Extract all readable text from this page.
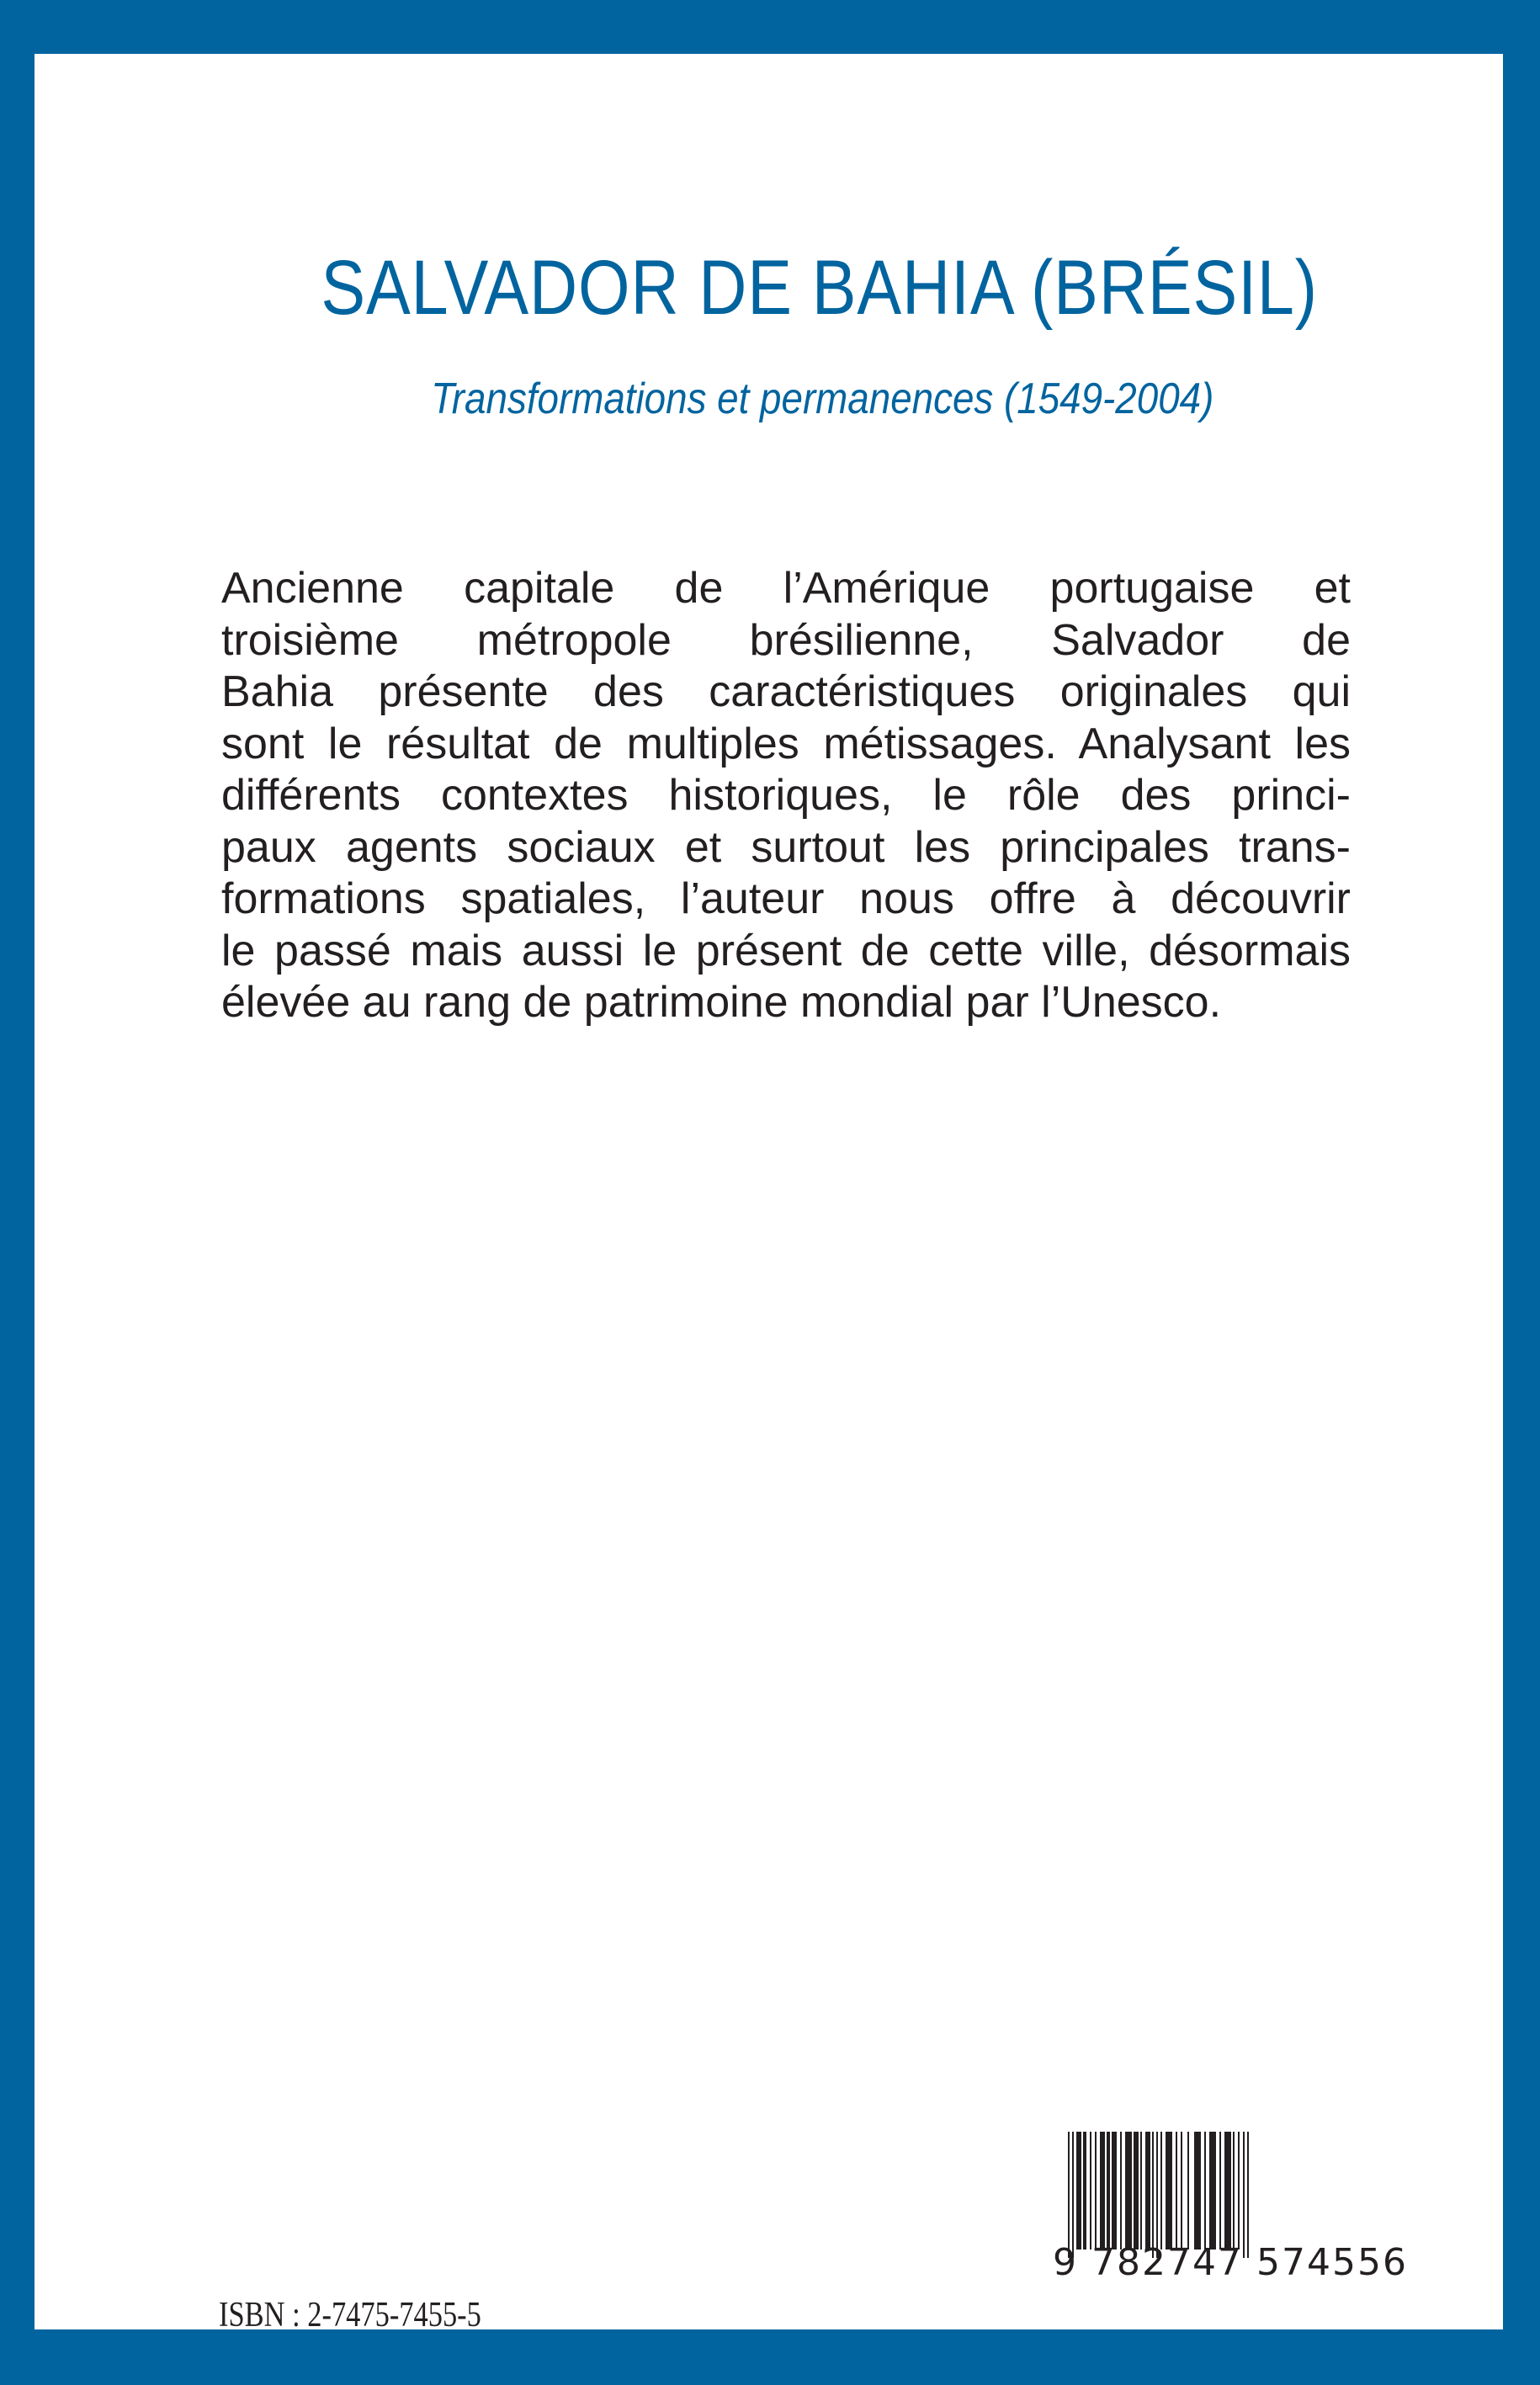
SALVADOR DE BAHIA (BRÉSIL)
Transformations et permanences (1549-2004)
Ancienne capitale de l’Amérique portugaise et
troisième métropole brésilienne, Salvador de
Bahia présente des caractéristiques originales qui
sont le résultat de multiples métissages. Analysant les
différents contextes historiques, le rôle des princi-
paux agents sociaux et surtout les principales trans-
formations spatiales, l’auteur nous offre à découvrir
le passé mais aussi le présent de cette ville, désormais
élevée au rang de patrimoine mondial par l’Unesco.
ISBN : 2-7475-7455-5
9 782747 574556
